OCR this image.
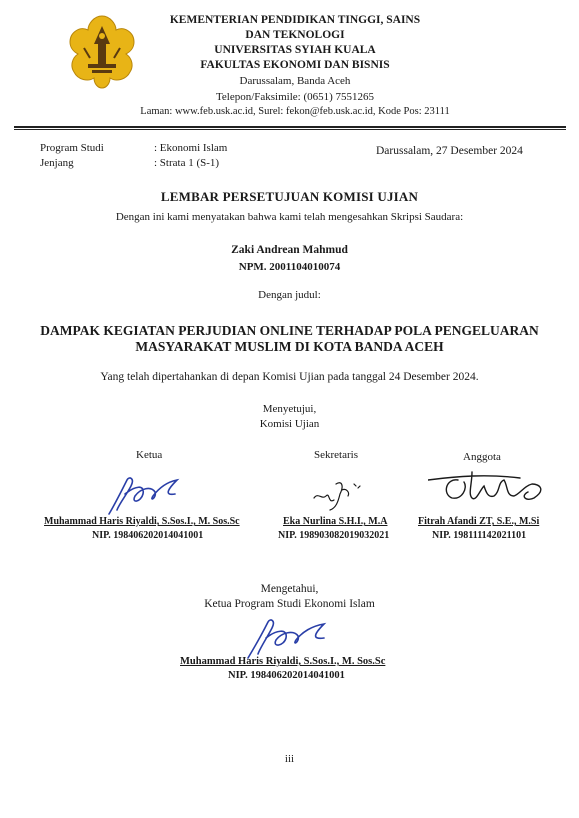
KEMENTERIAN PENDIDIKAN TINGGI, SAINS
DAN TEKNOLOGI
UNIVERSITAS SYIAH KUALA
FAKULTAS EKONOMI DAN BISNIS
Darussalam, Banda Aceh
Telepon/Faksimile: (0651) 7551265
Laman: www.feb.usk.ac.id, Surel: fekon@feb.usk.ac.id, Kode Pos: 23111
Program Studi	: Ekonomi Islam
Jenjang	: Strata 1 (S-1)
Darussalam, 27 Desember 2024
LEMBAR PERSETUJUAN KOMISI UJIAN
Dengan ini kami menyatakan bahwa kami telah mengesahkan Skripsi Saudara:
Zaki Andrean Mahmud
NPM. 2001104010074
Dengan judul:
DAMPAK KEGIATAN PERJUDIAN ONLINE TERHADAP POLA PENGELUARAN
MASYARAKAT MUSLIM DI KOTA BANDA ACEH
Yang telah dipertahankan di depan Komisi Ujian pada tanggal 24 Desember 2024.
Menyetujui,
Komisi Ujian
Ketua	Sekretaris	Anggota
Muhammad Haris Riyaldi, S.Sos.I., M. Sos.Sc
NIP. 198406202014041001
Eka Nurlina S.H.I., M.A
NIP. 198903082019032021
Fitrah Afandi ZT, S.E., M.Si
NIP. 198111142021101
Mengetahui,
Ketua Program Studi Ekonomi Islam
Muhammad Haris Riyaldi, S.Sos.I., M. Sos.Sc
NIP. 198406202014041001
iii
